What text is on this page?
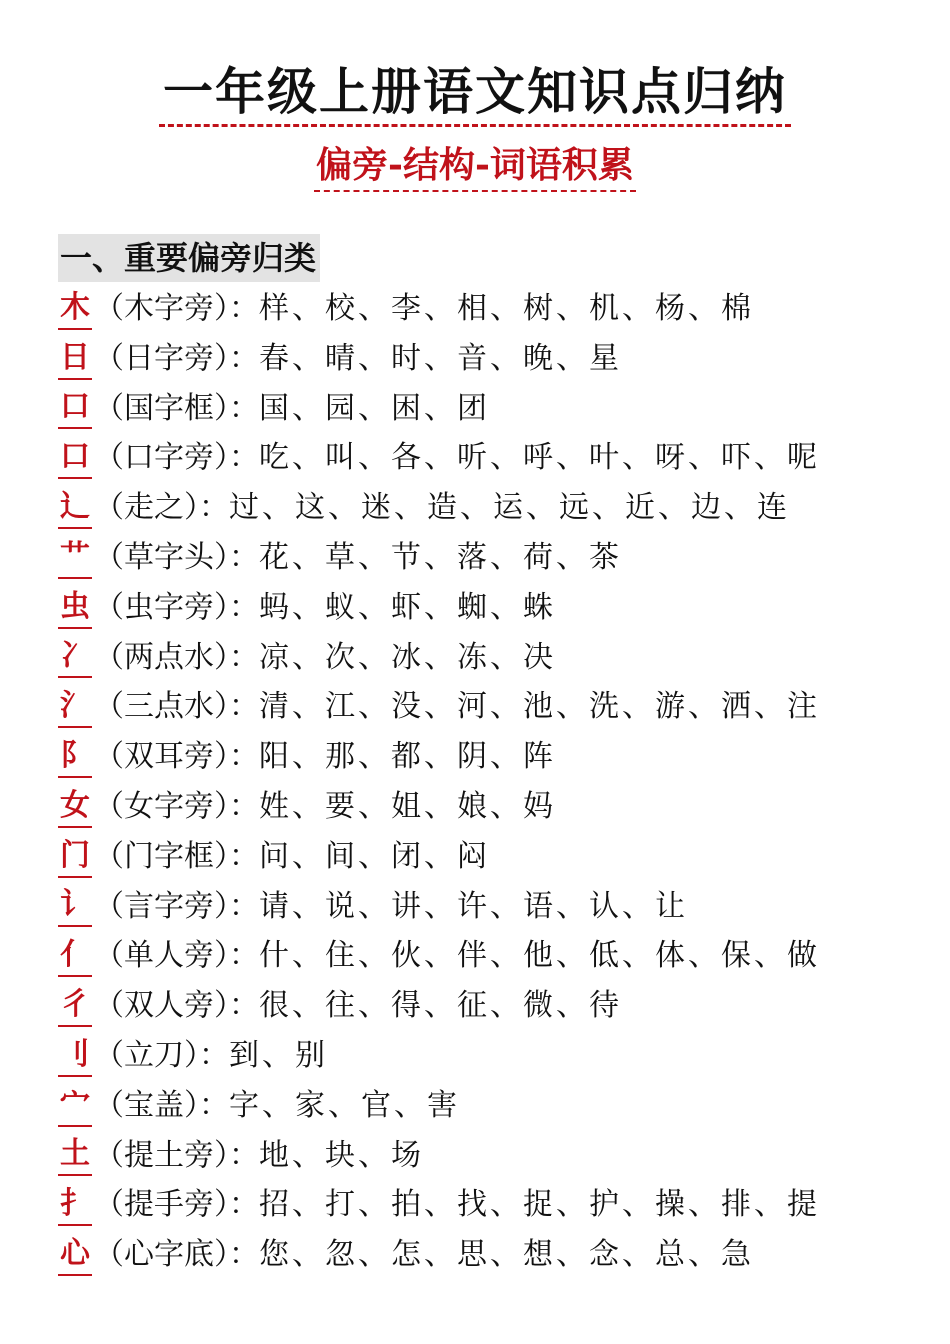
一年级上册语文知识点归纳
偏旁-结构-词语积累
一、重要偏旁归类
木 （木字旁）： 样、校、李、相、树、机、杨、棉
日 （日字旁）： 春、晴、时、音、晚、星
口 （国字框）： 国、园、困、团
口 （口字旁）： 吃、叫、各、听、呼、叶、呀、吓、呢
辶 （走之）： 过、这、迷、造、运、远、近、边、连
艹 （草字头）： 花、草、节、落、荷、茶
虫 （虫字旁）： 蚂、蚁、虾、蜘、蛛
冫 （两点水）： 凉、次、冰、冻、决
氵 （三点水）： 清、江、没、河、池、洗、游、洒、注
阝 （双耳旁）： 阳、那、都、阴、阵
女 （女字旁）： 姓、要、姐、娘、妈
门 （门字框）： 问、间、闭、闷
讠 （言字旁）： 请、说、讲、许、语、认、让
亻 （单人旁）： 什、住、伙、伴、他、低、体、保、做
彳 （双人旁）： 很、往、得、征、微、待
刂 （立刀）： 到、别
宀 （宝盖）： 字、家、官、害
土 （提土旁）： 地、块、场
扌 （提手旁）： 招、打、拍、找、捉、护、操、排、提
心 （心字底）： 您、忽、怎、思、想、念、总、急
